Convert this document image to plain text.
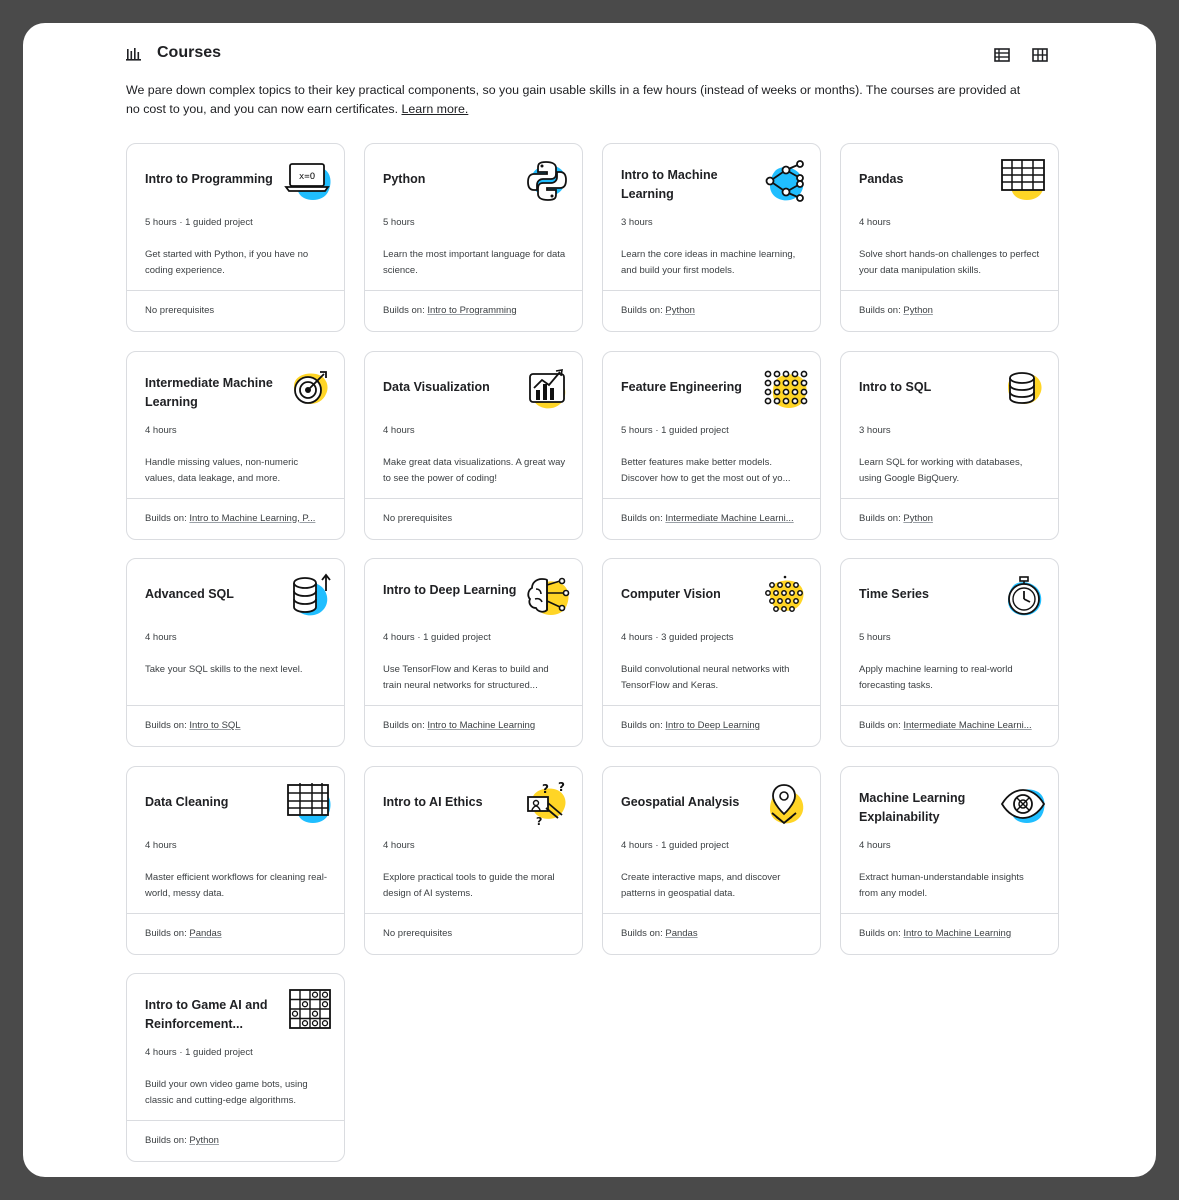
Courses

We pare down complex topics to their key practical components, so you gain usable skills in a few hours (instead of weeks or months). The courses are provided at no cost to you, and you can now earn certificates. Learn more.

Intro to Programming	x=O
5 hours · 1 guided project
Get started with Python, if you have no coding experience.
No prerequisites
Python
5 hours
Learn the most important language for data science.
Builds on: Intro to Programming
Intro to Machine Learning
3 hours
Learn the core ideas in machine learning, and build your first models.
Builds on: Python
Pandas
4 hours
Solve short hands-on challenges to perfect your data manipulation skills.
Builds on: Python
Intermediate Machine Learning
4 hours
Handle missing values, non-numeric values, data leakage, and more.
Builds on: Intro to Machine Learning, P...
Data Visualization
4 hours
Make great data visualizations. A great way to see the power of coding!
No prerequisites
Feature Engineering
5 hours · 1 guided project
Better features make better models. Discover how to get the most out of yo...
Builds on: Intermediate Machine Learni...
Intro to SQL
3 hours
Learn SQL for working with databases, using Google BigQuery.
Builds on: Python
Advanced SQL
4 hours
Take your SQL skills to the next level.
Builds on: Intro to SQL
Intro to Deep Learning
4 hours · 1 guided project
Use TensorFlow and Keras to build and train neural networks for structured...
Builds on: Intro to Machine Learning
Computer Vision
4 hours · 3 guided projects
Build convolutional neural networks with TensorFlow and Keras.
Builds on: Intro to Deep Learning
Time Series
5 hours
Apply machine learning to real-world forecasting tasks.
Builds on: Intermediate Machine Learni...
Data Cleaning
4 hours
Master efficient workflows for cleaning real-world, messy data.
Builds on: Pandas
Intro to AI Ethics
? ?
?
4 hours
Explore practical tools to guide the moral design of AI systems.
No prerequisites
Geospatial Analysis
4 hours · 1 guided project
Create interactive maps, and discover patterns in geospatial data.
Builds on: Pandas
Machine Learning Explainability
4 hours
Extract human-understandable insights from any model.
Builds on: Intro to Machine Learning
Intro to Game AI and Reinforcement...
4 hours · 1 guided project
Build your own video game bots, using classic and cutting-edge algorithms.
Builds on: Python
